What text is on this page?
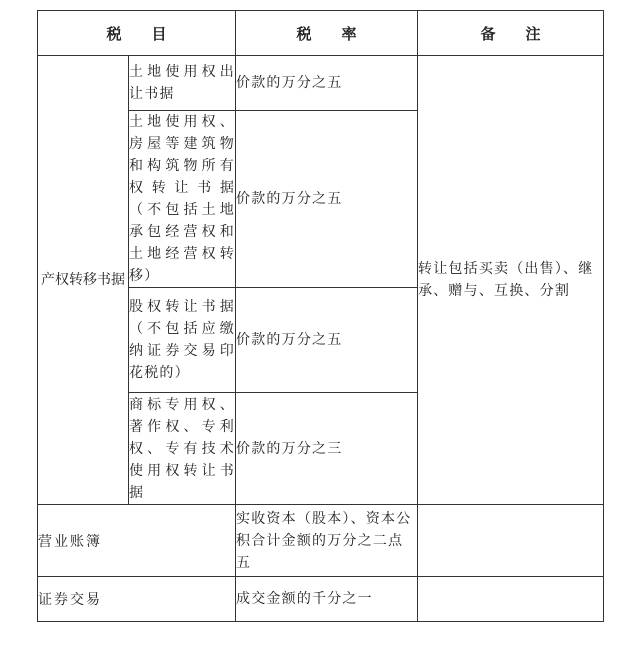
税　　目		税　　率	备　　注
产权转移书据	土地使用权出让书据	价款的万分之五	转让包括买卖（出售）、继承、赠与、互换、分割
	土地使用权、房屋等建筑物和构筑物所有权转让书据（不包括土地承包经营权和土地经营权转移）	价款的万分之五	
	股权转让书据（不包括应缴纳证券交易印花税的）	价款的万分之五	
	商标专用权、著作权、专利权、专有技术使用权转让书据	价款的万分之三	
营业账簿		实收资本（股本）、资本公积合计金额的万分之二点五	
证券交易		成交金额的千分之一	
